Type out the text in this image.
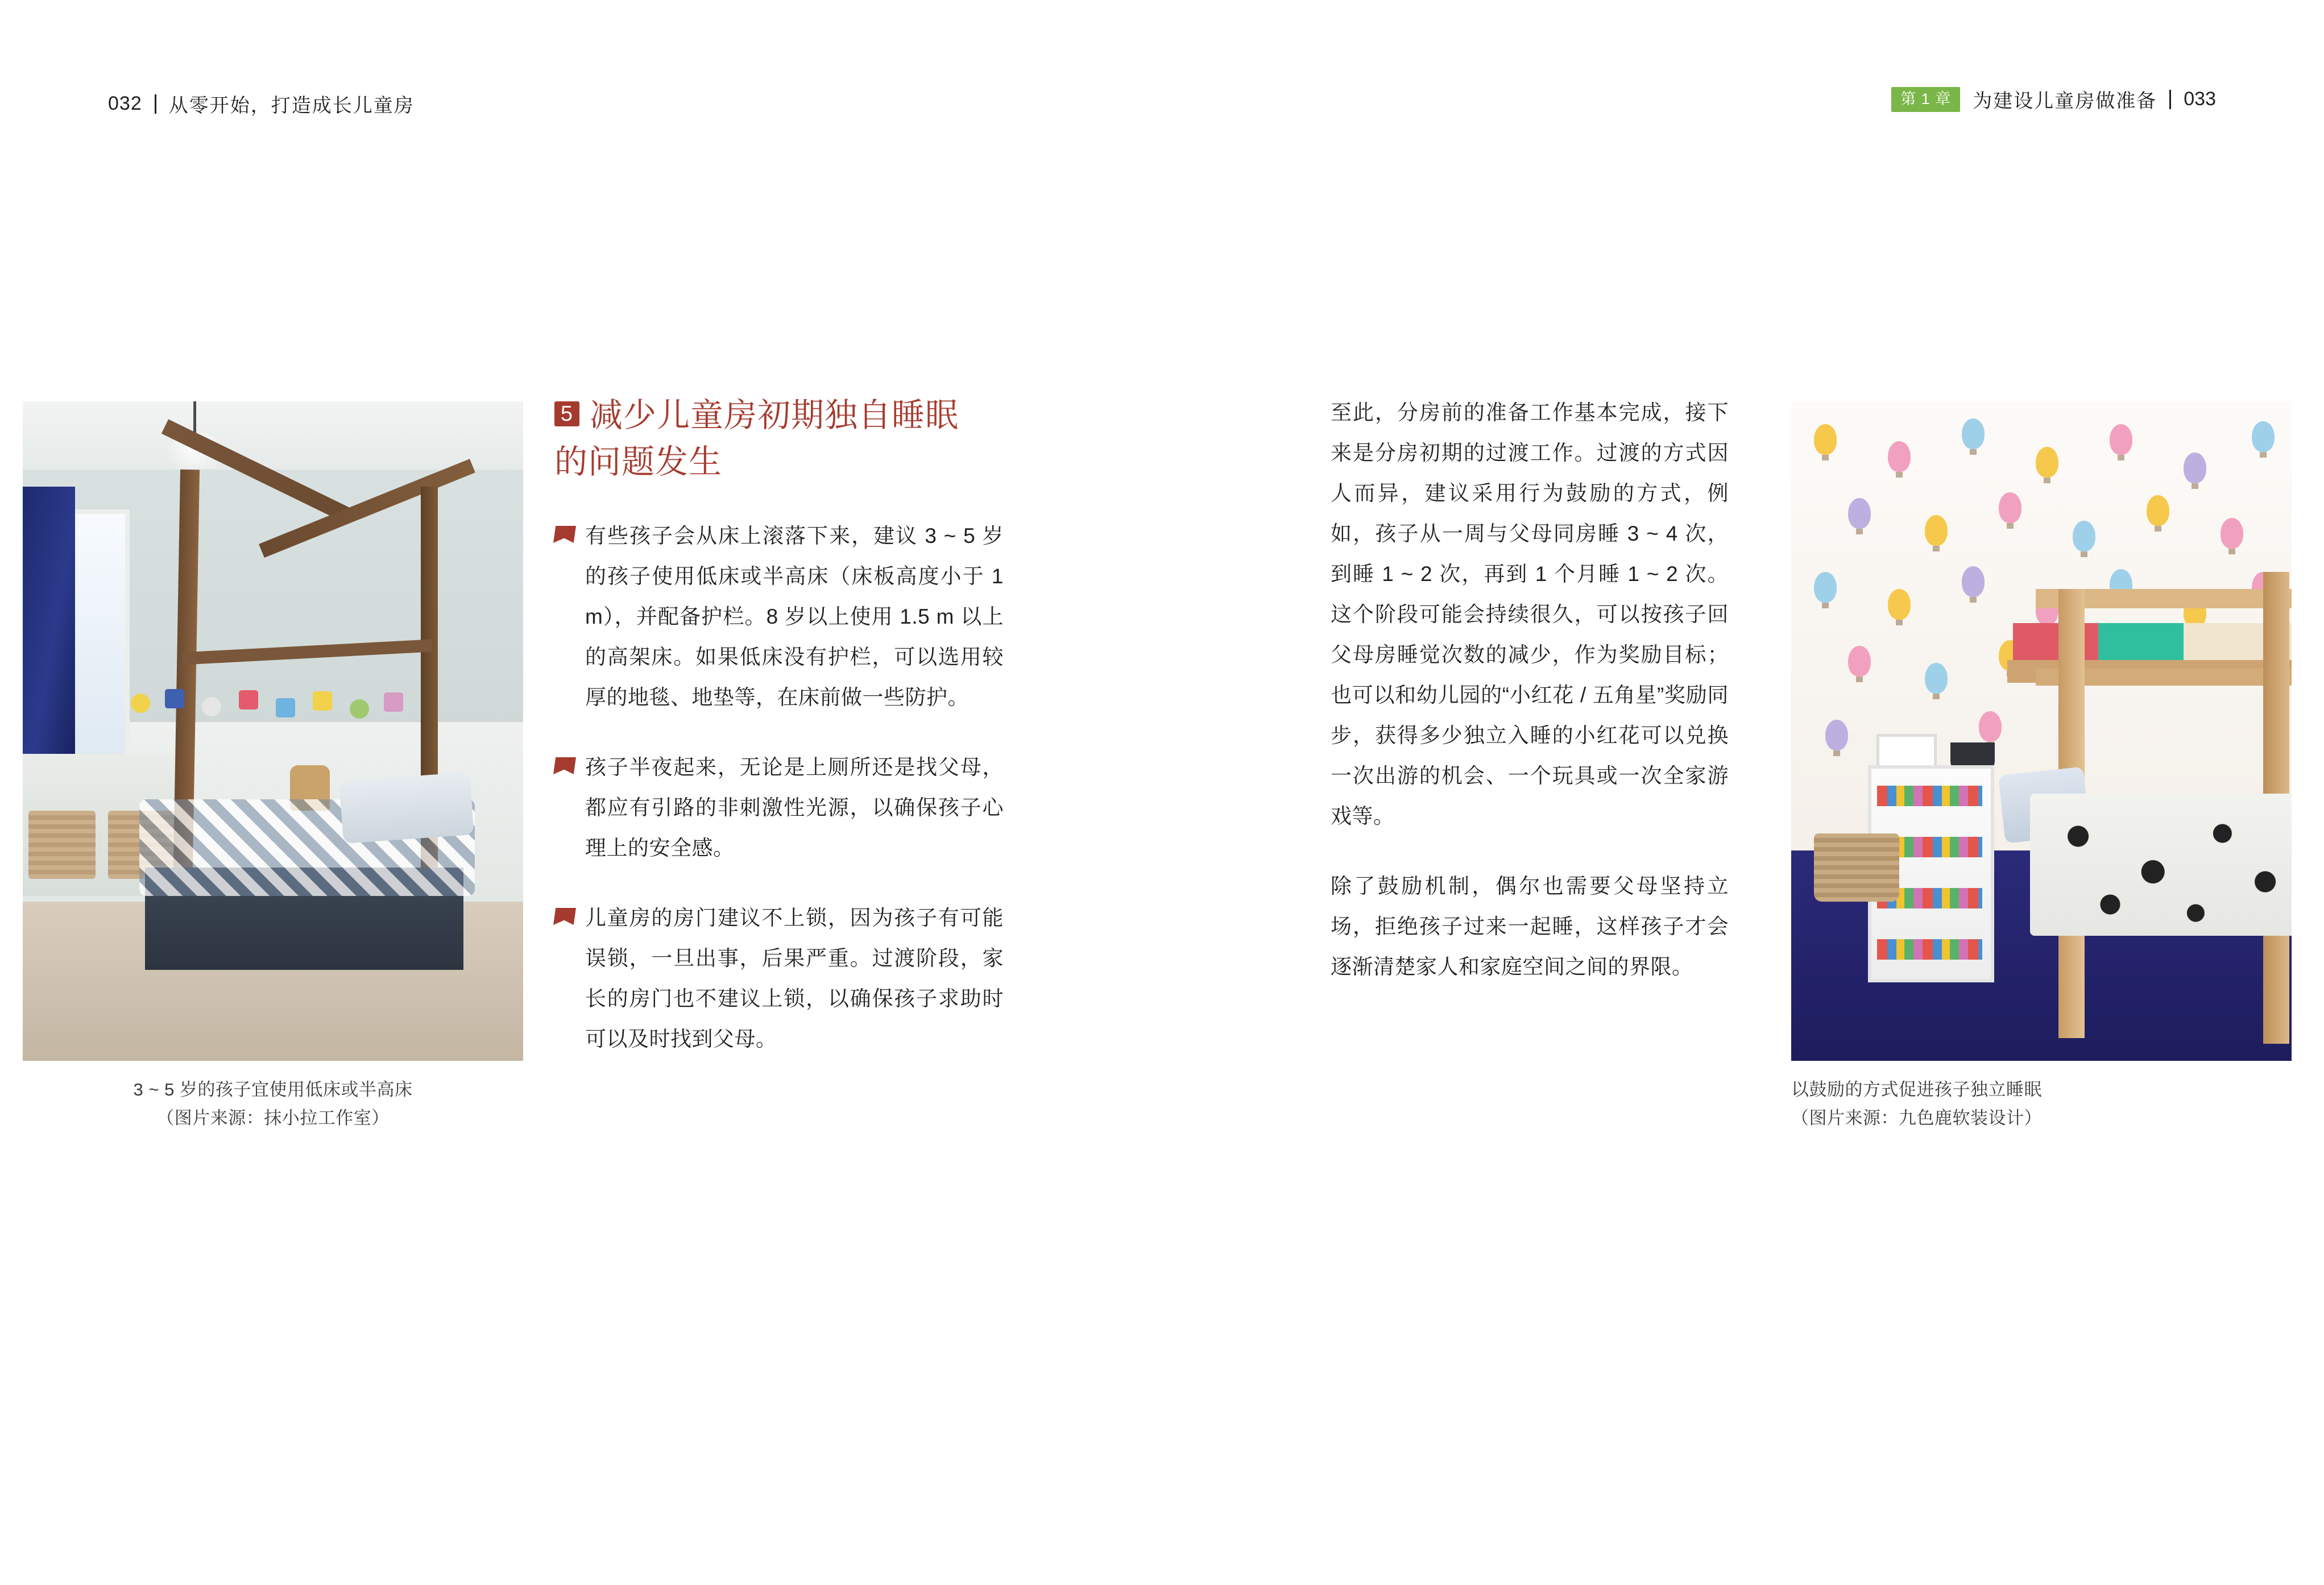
032 从零开始，打造成长儿童房	第 1 章	为建设儿童房做准备 033
3 ~ 5 岁的孩子宜使用低床或半高床
（图片来源：抹小拉工作室）
5 减少儿童房初期独自睡眠
的问题发生

有些孩子会从床上滚落下来，建议 3 ~ 5 岁的孩子使用低床或半高床（床板高度小于 1 m），并配备护栏。8 岁以上使用 1.5 m 以上的高架床。如果低床没有护栏，可以选用较厚的地毯、地垫等，在床前做一些防护。

孩子半夜起来，无论是上厕所还是找父母，都应有引路的非刺激性光源，以确保孩子心理上的安全感。

儿童房的房门建议不上锁，因为孩子有可能误锁，一旦出事，后果严重。过渡阶段，家长的房门也不建议上锁，以确保孩子求助时可以及时找到父母。

至此，分房前的准备工作基本完成，接下来是分房初期的过渡工作。过渡的方式因人而异，建议采用行为鼓励的方式，例如，孩子从一周与父母同房睡 3 ~ 4 次，到睡 1 ~ 2 次，再到 1 个月睡 1 ~ 2 次。这个阶段可能会持续很久，可以按孩子回父母房睡觉次数的减少，作为奖励目标；也可以和幼儿园的“小红花 / 五角星”奖励同步，获得多少独立入睡的小红花可以兑换一次出游的机会、一个玩具或一次全家游戏等。

除了鼓励机制，偶尔也需要父母坚持立场，拒绝孩子过来一起睡，这样孩子才会逐渐清楚家人和家庭空间之间的界限。

以鼓励的方式促进孩子独立睡眠
（图片来源：九色鹿软装设计）
